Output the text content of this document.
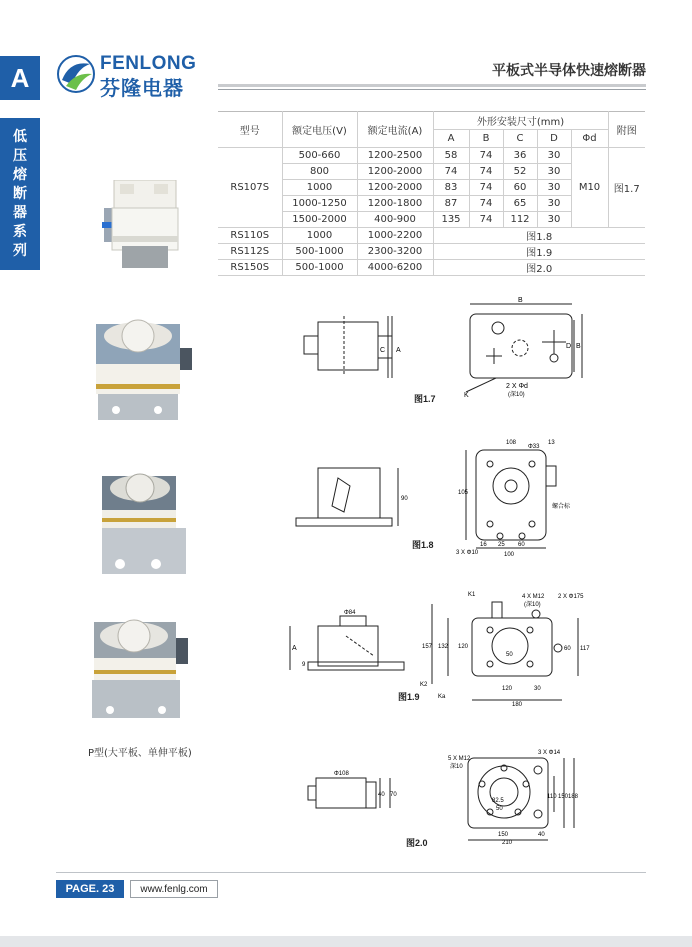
A
低
压
熔
断
器
系
列
FENLONG
芬隆电器
平板式半导体快速熔断器
型号	额定电压(V)	额定电流(A)	外形安装尺寸(mm)					附图
			A	B	C	D	Φd	
RS107S	500-660	1200-2500	58	74	36	30	M10	图1.7
	800	1200-2000	74	74	52	30		
	1000	1200-2000	83	74	60	30		
	1000-1250	1200-1800	87	74	65	30		
	1500-2000	400-900	135	74	112	30		
RS110S	1000	1000-2200	图1.8					
RS112S	500-1000	2300-3200	图1.9					
RS150S	500-1000	4000-6200	图2.0					
P型(大平板、单伸平板)
A
C
B
D B
K
2 X Φd
(深10)
图1.7
90
108
Φ33
13
105
螺合标
16 25 60
100
3 X Φ10
图1.8
Φ84
A
9
K1	4 X M12
(深10)
2 X Φ175
157 132 120
50
60 117
K2
Ka
120	30
180
图1.9
Φ108
40 70
5 X M12
深10
3 X Φ14
82.5
50
110 150 188
150	40
210
图2.0
PAGE. 23	www.fenlg.com
